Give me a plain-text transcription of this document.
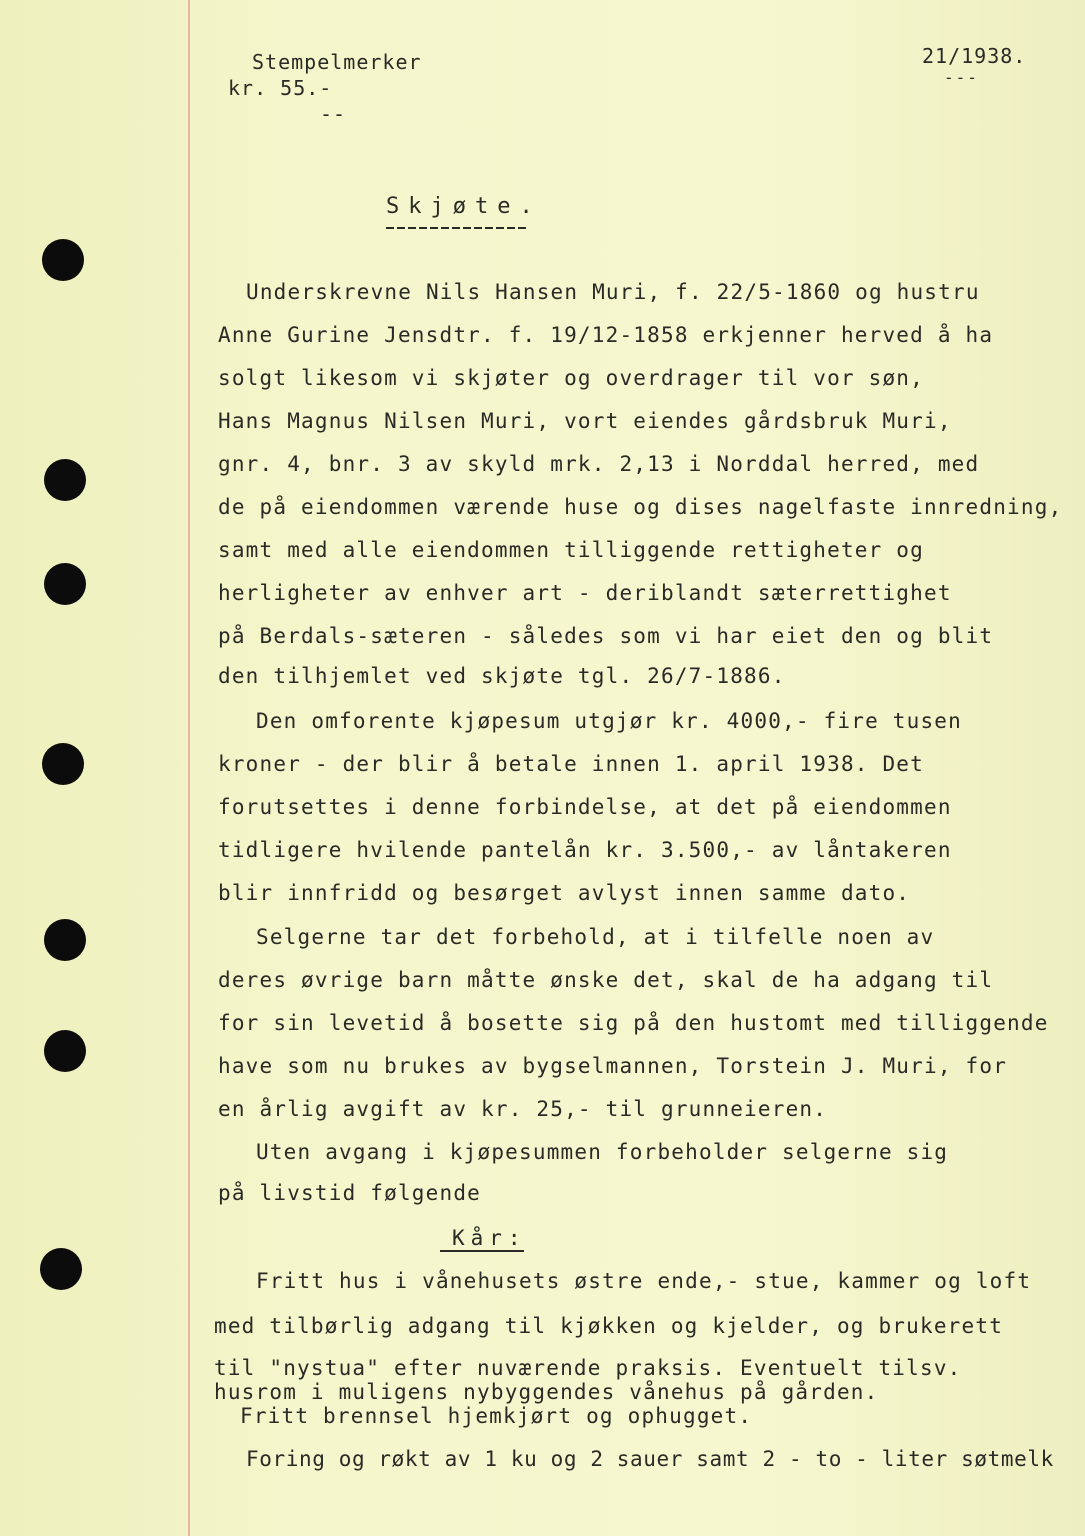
Stempelmerker
kr. 55.-
--
21/1938.
---
Skjøte.
Underskrevne Nils Hansen Muri, f. 22/5-1860 og hustru
Anne Gurine Jensdtr. f. 19/12-1858 erkjenner herved å ha
solgt likesom vi skjøter og overdrager til vor søn,
Hans Magnus Nilsen Muri, vort eiendes gårdsbruk Muri,
gnr. 4, bnr. 3 av skyld mrk. 2,13 i Norddal herred, med
de på eiendommen værende huse og dises nagelfaste innredning,
samt med alle eiendommen tilliggende rettigheter og
herligheter av enhver art - deriblandt sæterrettighet
på Berdals-sæteren - således som vi har eiet den og blit
den tilhjemlet ved skjøte tgl. 26/7-1886.
Den omforente kjøpesum utgjør kr. 4000,- fire tusen
kroner - der blir å betale innen 1. april 1938. Det
forutsettes i denne forbindelse, at det på eiendommen
tidligere hvilende pantelån kr. 3.500,- av låntakeren
blir innfridd og besørget avlyst innen samme dato.
Selgerne tar det forbehold, at i tilfelle noen av
deres øvrige barn måtte ønske det, skal de ha adgang til
for sin levetid å bosette sig på den hustomt med tilliggende
have som nu brukes av bygselmannen, Torstein J. Muri, for
en årlig avgift av kr. 25,- til grunneieren.
Uten avgang i kjøpesummen forbeholder selgerne sig
på livstid følgende
Kår:
Fritt hus i vånehusets østre ende,- stue, kammer og loft
med tilbørlig adgang til kjøkken og kjelder, og brukerett
til "nystua" efter nuværende praksis. Eventuelt tilsv.
husrom i muligens nybyggendes vånehus på gården.
Fritt brennsel hjemkjørt og ophugget.
Foring og røkt av 1 ku og 2 sauer samt 2 - to - liter søtmelk
